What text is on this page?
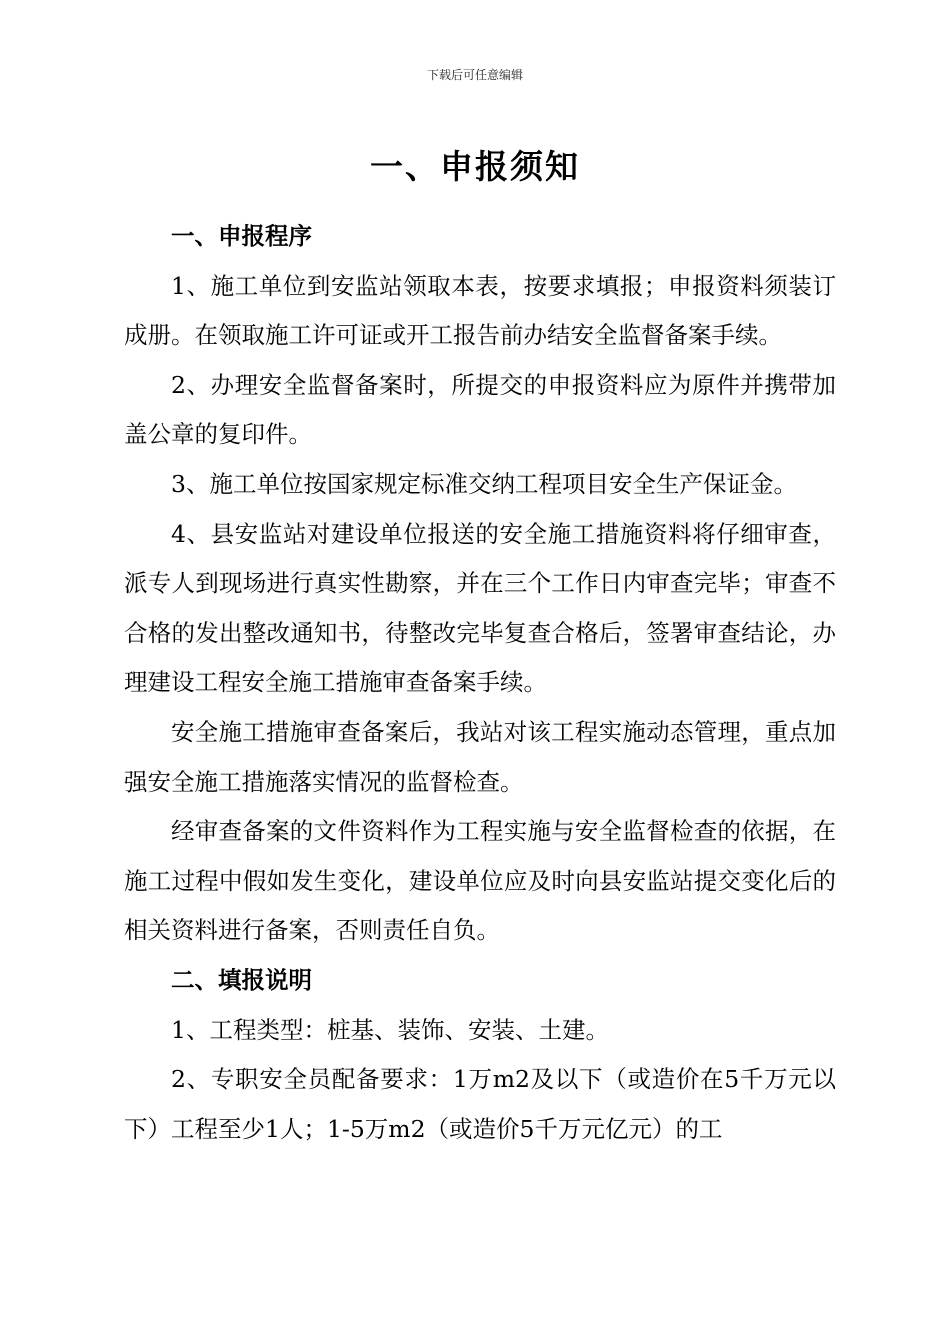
下载后可任意编辑
一、申报须知
一、申报程序

1、施工单位到安监站领取本表，按要求填报；申报资料须装订成册。在领取施工许可证或开工报告前办结安全监督备案手续。

2、办理安全监督备案时，所提交的申报资料应为原件并携带加盖公章的复印件。

3、施工单位按国家规定标准交纳工程项目安全生产保证金。

4、县安监站对建设单位报送的安全施工措施资料将仔细审查，派专人到现场进行真实性勘察，并在三个工作日内审查完毕；审查不合格的发出整改通知书，待整改完毕复查合格后，签署审查结论，办理建设工程安全施工措施审查备案手续。

安全施工措施审查备案后，我站对该工程实施动态管理，重点加强安全施工措施落实情况的监督检查。

经审查备案的文件资料作为工程实施与安全监督检查的依据，在施工过程中假如发生变化，建设单位应及时向县安监站提交变化后的相关资料进行备案，否则责任自负。

二、填报说明

1、工程类型：桩基、装饰、安装、土建。

2、专职安全员配备要求：1万m2及以下（或造价在5千万元以下）工程至少1人；1-5万m2（或造价5千万元亿元）的工
